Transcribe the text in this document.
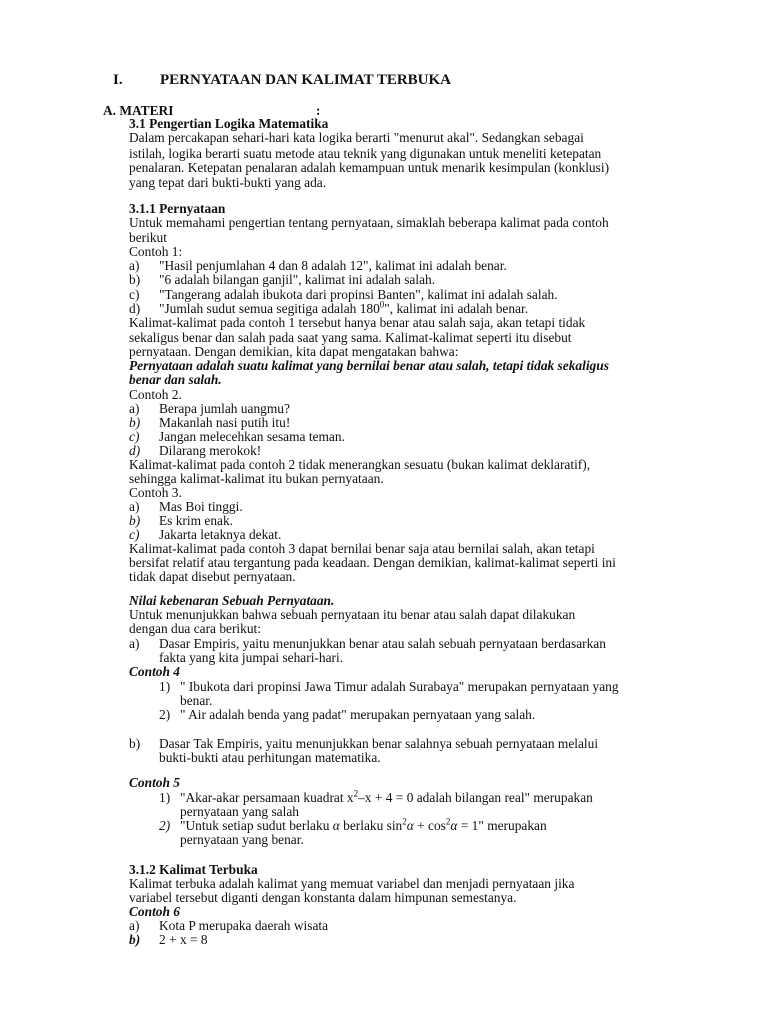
I. PERNYATAAN DAN KALIMAT TERBUKA
A. MATERI	:
3.1 Pengertian Logika Matematika
Dalam percakapan sehari-hari kata logika berarti "menurut akal". Sedangkan sebagai
istilah, logika berarti suatu metode atau teknik yang digunakan untuk meneliti ketepatan
penalaran. Ketepatan penalaran adalah kemampuan untuk menarik kesimpulan (konklusi)
yang tepat dari bukti-bukti yang ada.
3.1.1 Pernyataan
Untuk memahami pengertian tentang pernyataan, simaklah beberapa kalimat pada contoh
berikut
Contoh 1:
a) "Hasil penjumlahan 4 dan 8 adalah 12", kalimat ini adalah benar.
b) "6 adalah bilangan ganjil", kalimat ini adalah salah.
c) "Tangerang adalah ibukota dari propinsi Banten", kalimat ini adalah salah.
d) "Jumlah sudut semua segitiga adalah $180^0$", kalimat ini adalah benar.
Kalimat-kalimat pada contoh 1 tersebut hanya benar atau salah saja, akan tetapi tidak
sekaligus benar dan salah pada saat yang sama. Kalimat-kalimat seperti itu disebut
pernyataan. Dengan demikian, kita dapat mengatakan bahwa:
Pernyataan adalah suatu kalimat yang bernilai benar atau salah, tetapi tidak sekaligus
benar dan salah.
Contoh 2.
a) Berapa jumlah uangmu?
b) Makanlah nasi putih itu!
c) Jangan melecehkan sesama teman.
d) Dilarang merokok!
Kalimat-kalimat pada contoh 2 tidak menerangkan sesuatu (bukan kalimat deklaratif),
sehingga kalimat-kalimat itu bukan pernyataan.
Contoh 3.
a) Mas Boi tinggi.
b) Es krim enak.
c) Jakarta letaknya dekat.
Kalimat-kalimat pada contoh 3 dapat bernilai benar saja atau bernilai salah, akan tetapi
bersifat relatif atau tergantung pada keadaan. Dengan demikian, kalimat-kalimat seperti ini
tidak dapat disebut pernyataan.
Nilai kebenaran Sebuah Pernyataan.
Untuk menunjukkan bahwa sebuah pernyataan itu benar atau salah dapat dilakukan
dengan dua cara berikut:
a) Dasar Empiris, yaitu menunjukkan benar atau salah sebuah pernyataan berdasarkan
fakta yang kita jumpai sehari-hari.
Contoh 4
1) " Ibukota dari propinsi Jawa Timur adalah Surabaya" merupakan pernyataan yang
benar.
2) " Air adalah benda yang padat" merupakan pernyataan yang salah.
b) Dasar Tak Empiris, yaitu menunjukkan benar salahnya sebuah pernyataan melalui
bukti-bukti atau perhitungan matematika.
Contoh 5
1) "Akar-akar persamaan kuadrat $x^2-x + 4 = 0$ adalah bilangan real" merupakan
pernyataan yang salah
2) "Untuk setiap sudut berlaku α berlaku $\sin^2\alpha + \cos^2\alpha = 1$" merupakan
pernyataan yang benar.
3.1.2 Kalimat Terbuka
Kalimat terbuka adalah kalimat yang memuat variabel dan menjadi pernyataan jika
variabel tersebut diganti dengan konstanta dalam himpunan semestanya.
Contoh 6
a) Kota P merupaka daerah wisata
b) 2 + x = 8
